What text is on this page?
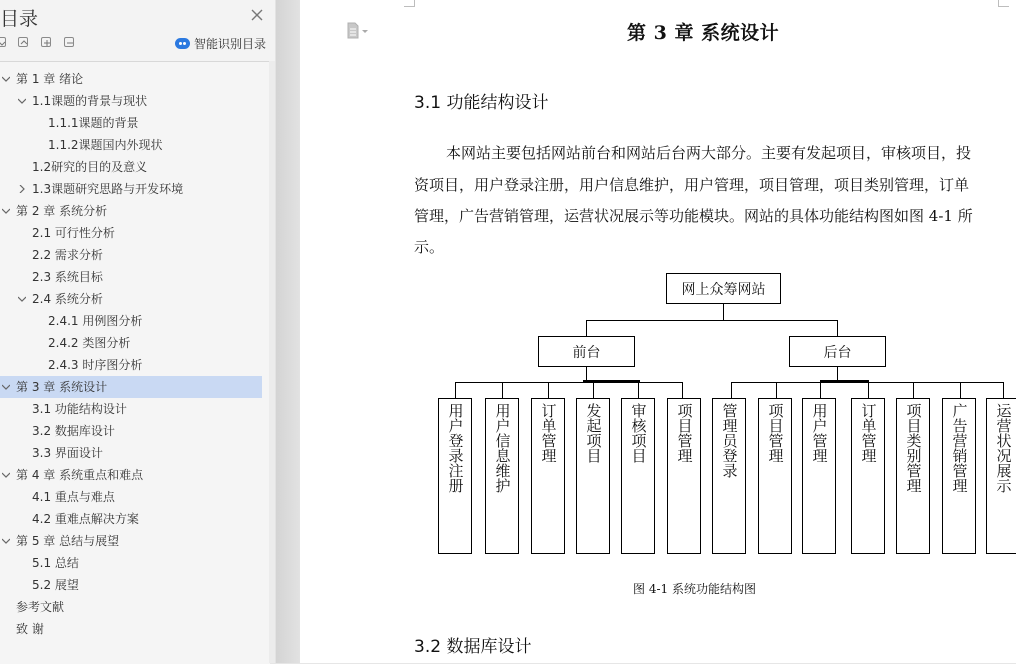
目录
智能识别目录
第 1 章 绪论
1.1课题的背景与现状
1.1.1课题的背景
1.1.2课题国内外现状
1.2研究的目的及意义
1.3课题研究思路与开发环境
第 2 章 系统分析
2.1 可行性分析
2.2 需求分析
2.3 系统目标
2.4 系统分析
2.4.1 用例图分析
2.4.2 类图分析
2.4.3 时序图分析
第 3 章 系统设计
3.1 功能结构设计
3.2 数据库设计
3.3 界面设计
第 4 章 系统重点和难点
4.1 重点与难点
4.2 重难点解决方案
第 5 章 总结与展望
5.1 总结
5.2 展望
参考文献
致 谢
第 3 章 系统设计
3.1 功能结构设计
本网站主要包括网站前台和网站后台两大部分。主要有发起项目，审核项目，投
资项目，用户登录注册，用户信息维护，用户管理，项目管理，项目类别管理，订单
管理，广告营销管理，运营状况展示等功能模块。网站的具体功能结构图如图 4-1 所
示。
网上众筹网站
前台	后台
用户登录注册 用户信息维护 订单管理 发起项目 审核项目 项目管理 管理员登录 项目管理 用户管理 订单管理 项目类别管理 广告营销管理 运营状况展示
图 4-1 系统功能结构图
3.2 数据库设计
